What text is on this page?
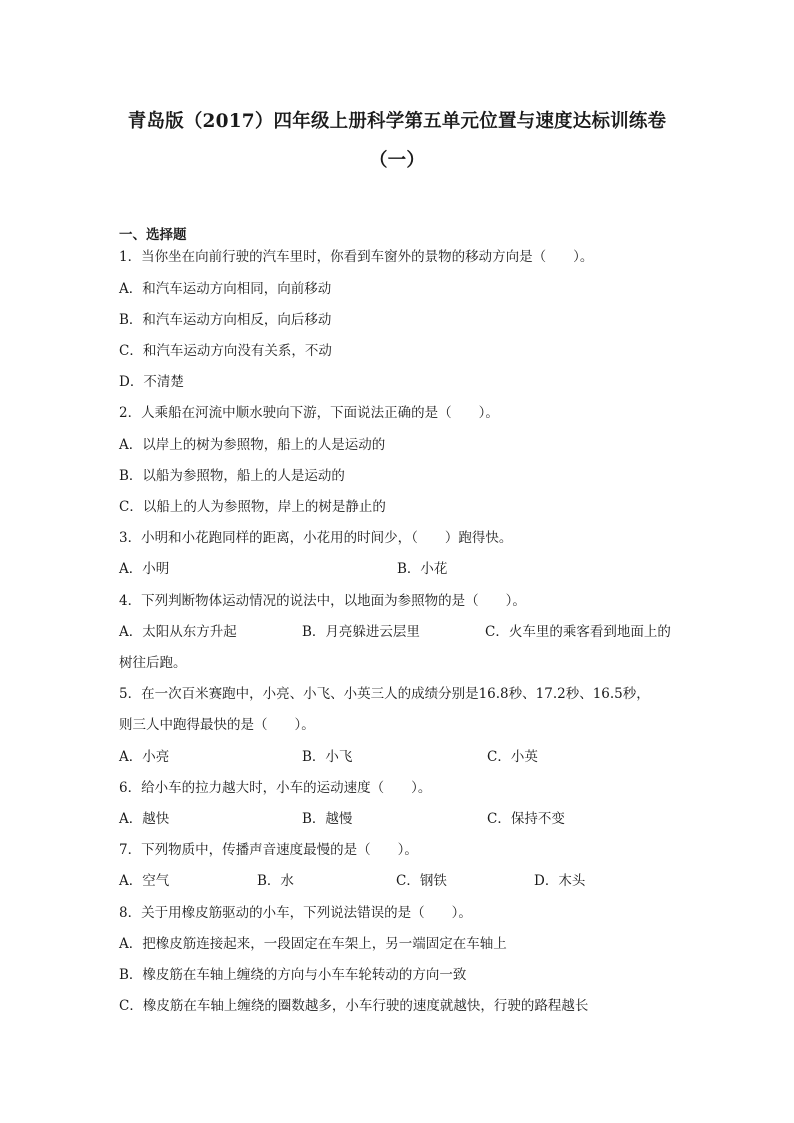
青岛版（2017）四年级上册科学第五单元位置与速度达标训练卷
（一）
一、选择题
1．当你坐在向前行驶的汽车里时，你看到车窗外的景物的移动方向是（　　）。
A．和汽车运动方向相同，向前移动
B．和汽车运动方向相反，向后移动
C．和汽车运动方向没有关系，不动
D．不清楚
2．人乘船在河流中顺水驶向下游，下面说法正确的是（　　）。
A．以岸上的树为参照物，船上的人是运动的
B．以船为参照物，船上的人是运动的
C．以船上的人为参照物，岸上的树是静止的
3．小明和小花跑同样的距离，小花用的时间少，（　　）跑得快。
A．小明	B．小花
4．下列判断物体运动情况的说法中，以地面为参照物的是（　　）。
A．太阳从东方升起	B．月亮躲进云层里	C．火车里的乘客看到地面上的
树往后跑。
5．在一次百米赛跑中，小亮、小飞、小英三人的成绩分别是16.8秒、17.2秒、16.5秒，
则三人中跑得最快的是（　　）。
A．小亮	B．小飞	C．小英
6．给小车的拉力越大时，小车的运动速度（　　）。
A．越快	B．越慢	C．保持不变
7．下列物质中，传播声音速度最慢的是（　　）。
A．空气	B．水	C．钢铁	D．木头
8．关于用橡皮筋驱动的小车，下列说法错误的是（　　）。
A．把橡皮筋连接起来，一段固定在车架上，另一端固定在车轴上
B．橡皮筋在车轴上缠绕的方向与小车车轮转动的方向一致
C．橡皮筋在车轴上缠绕的圈数越多，小车行驶的速度就越快，行驶的路程越长
